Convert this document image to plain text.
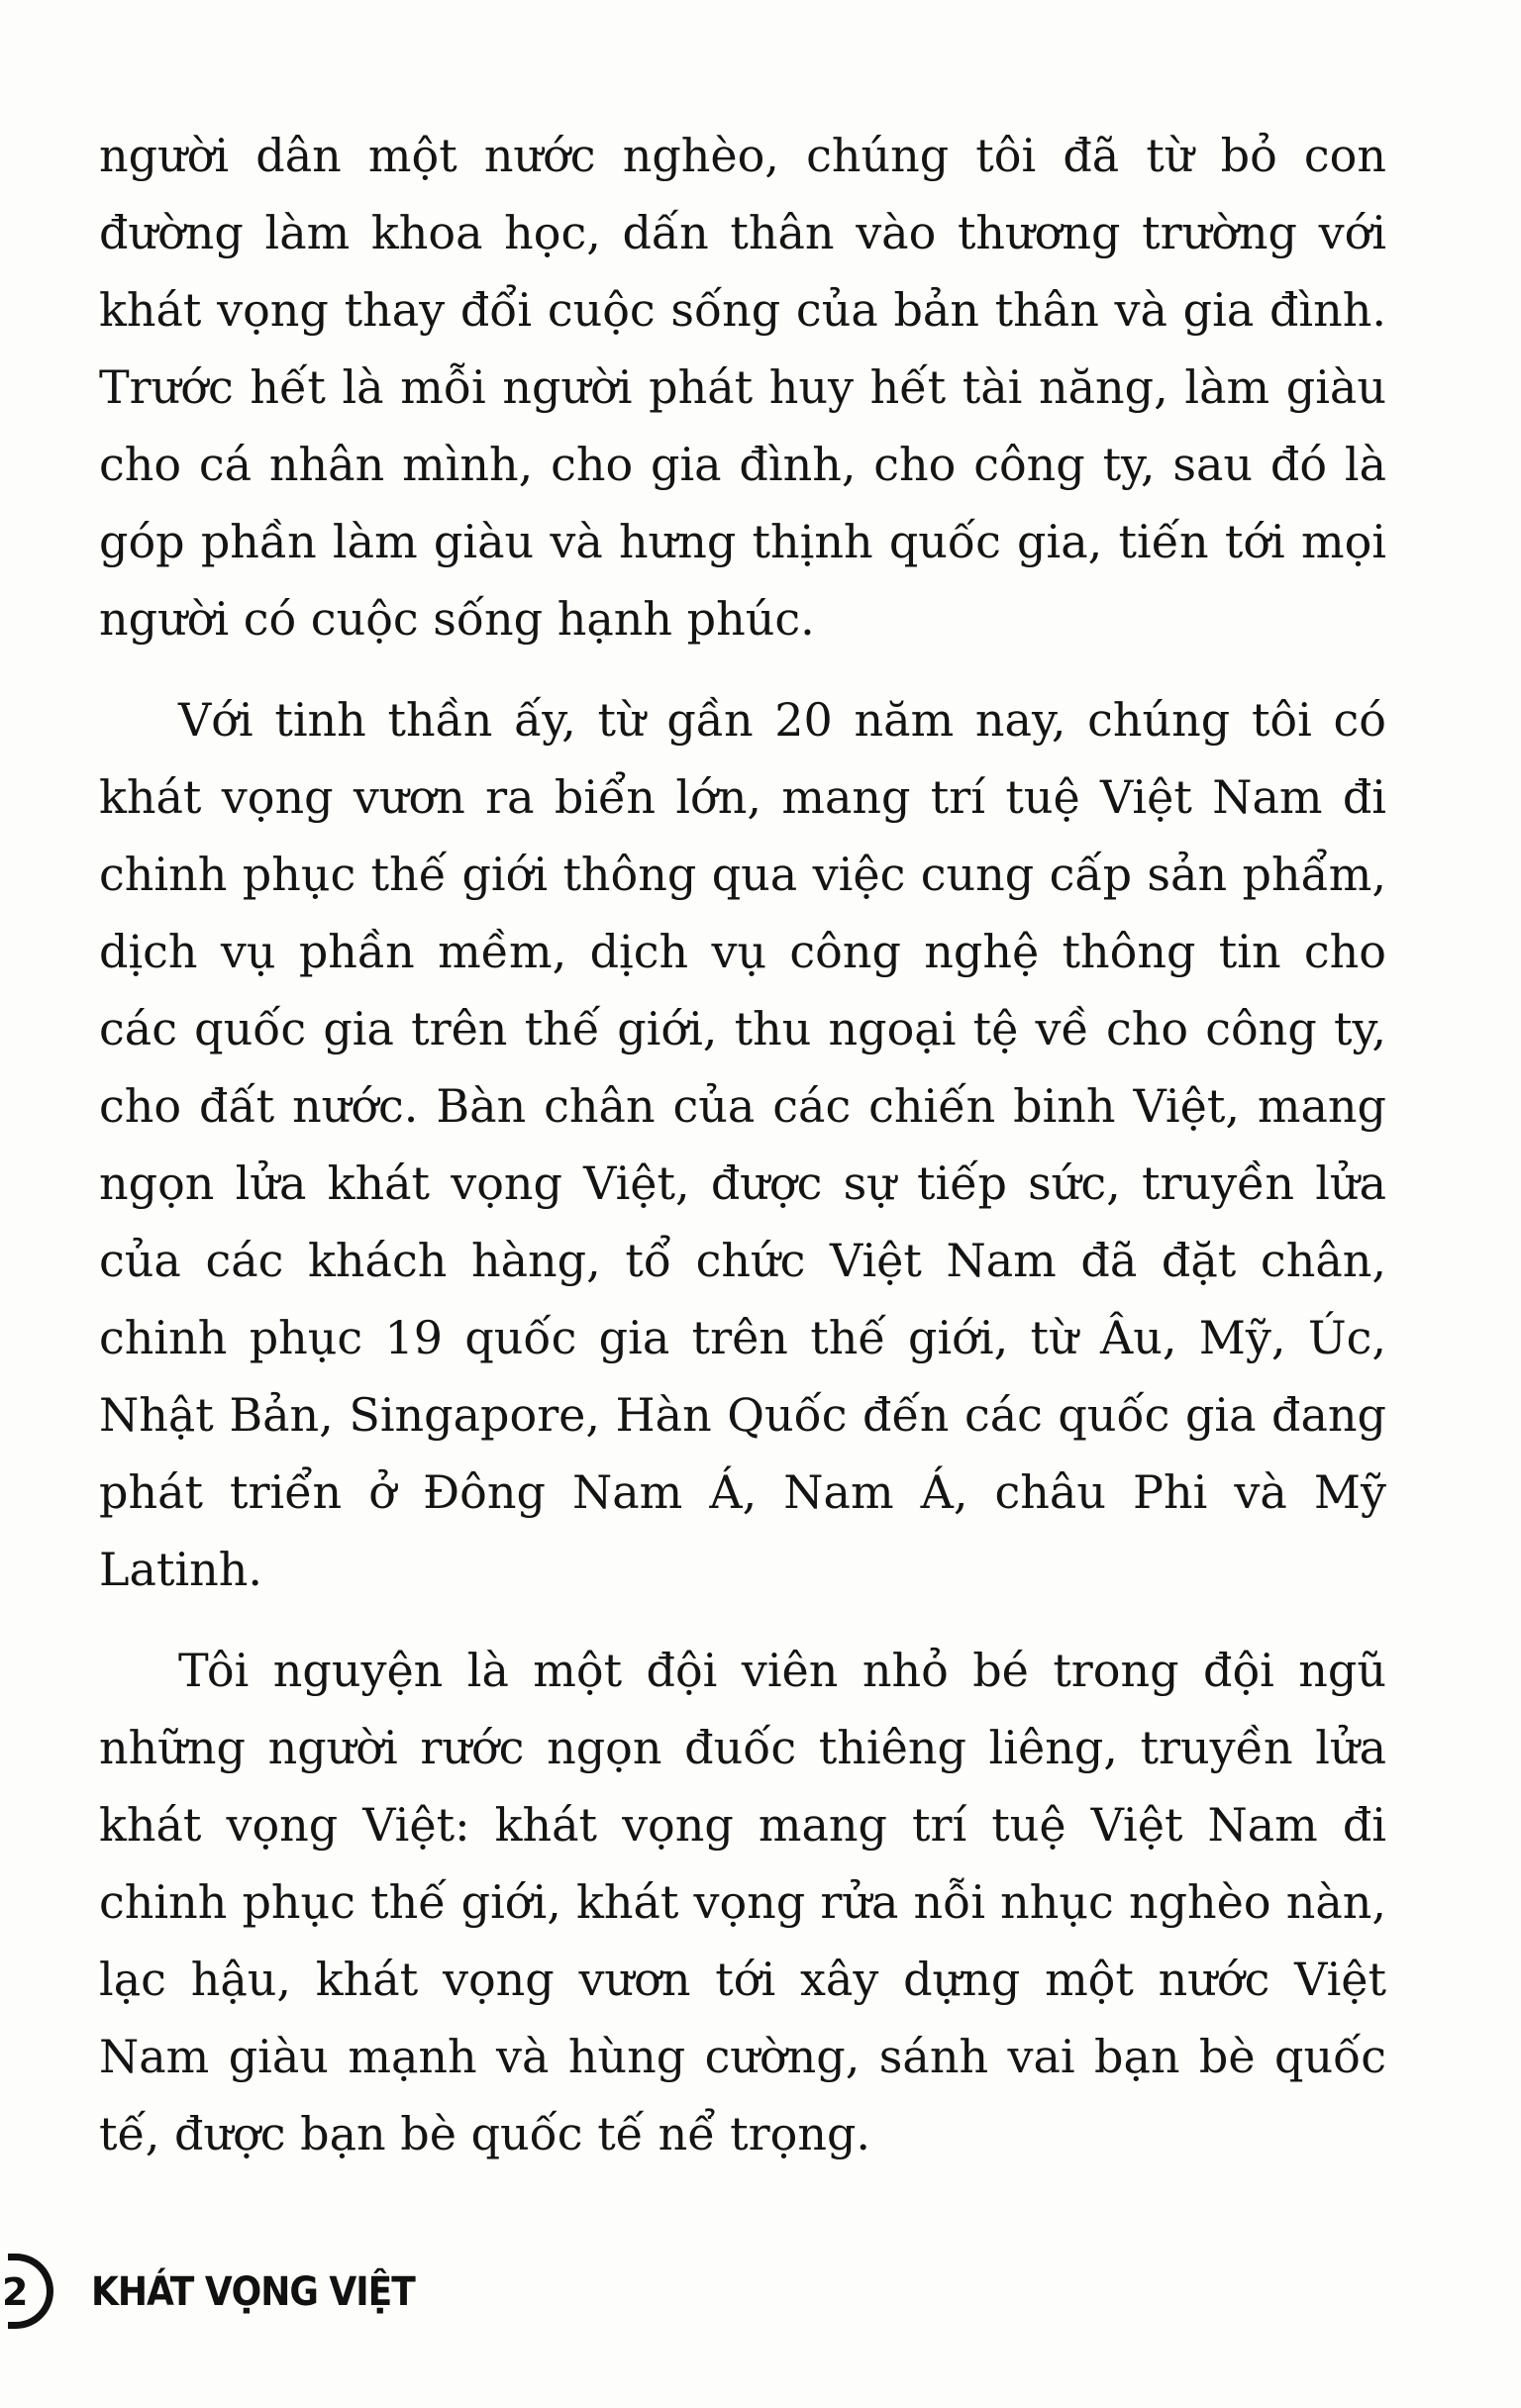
người dân một nước nghèo, chúng tôi đã từ bỏ con đường làm khoa học, dấn thân vào thương trường với khát vọng thay đổi cuộc sống của bản thân và gia đình. Trước hết là mỗi người phát huy hết tài năng, làm giàu cho cá nhân mình, cho gia đình, cho công ty, sau đó là góp phần làm giàu và hưng thịnh quốc gia, tiến tới mọi người có cuộc sống hạnh phúc.

Với tinh thần ấy, từ gần 20 năm nay, chúng tôi có khát vọng vươn ra biển lớn, mang trí tuệ Việt Nam đi chinh phục thế giới thông qua việc cung cấp sản phẩm, dịch vụ phần mềm, dịch vụ công nghệ thông tin cho các quốc gia trên thế giới, thu ngoại tệ về cho công ty, cho đất nước. Bàn chân của các chiến binh Việt, mang ngọn lửa khát vọng Việt, được sự tiếp sức, truyền lửa của các khách hàng, tổ chức Việt Nam đã đặt chân, chinh phục 19 quốc gia trên thế giới, từ Âu, Mỹ, Úc, Nhật Bản, Singapore, Hàn Quốc đến các quốc gia đang phát triển ở Đông Nam Á, Nam Á, châu Phi và Mỹ Latinh.

Tôi nguyện là một đội viên nhỏ bé trong đội ngũ những người rước ngọn đuốc thiêng liêng, truyền lửa khát vọng Việt: khát vọng mang trí tuệ Việt Nam đi chinh phục thế giới, khát vọng rửa nỗi nhục nghèo nàn, lạc hậu, khát vọng vươn tới xây dựng một nước Việt Nam giàu mạnh và hùng cường, sánh vai bạn bè quốc tế, được bạn bè quốc tế nể trọng.

2 KHÁT VỌNG VIỆT
